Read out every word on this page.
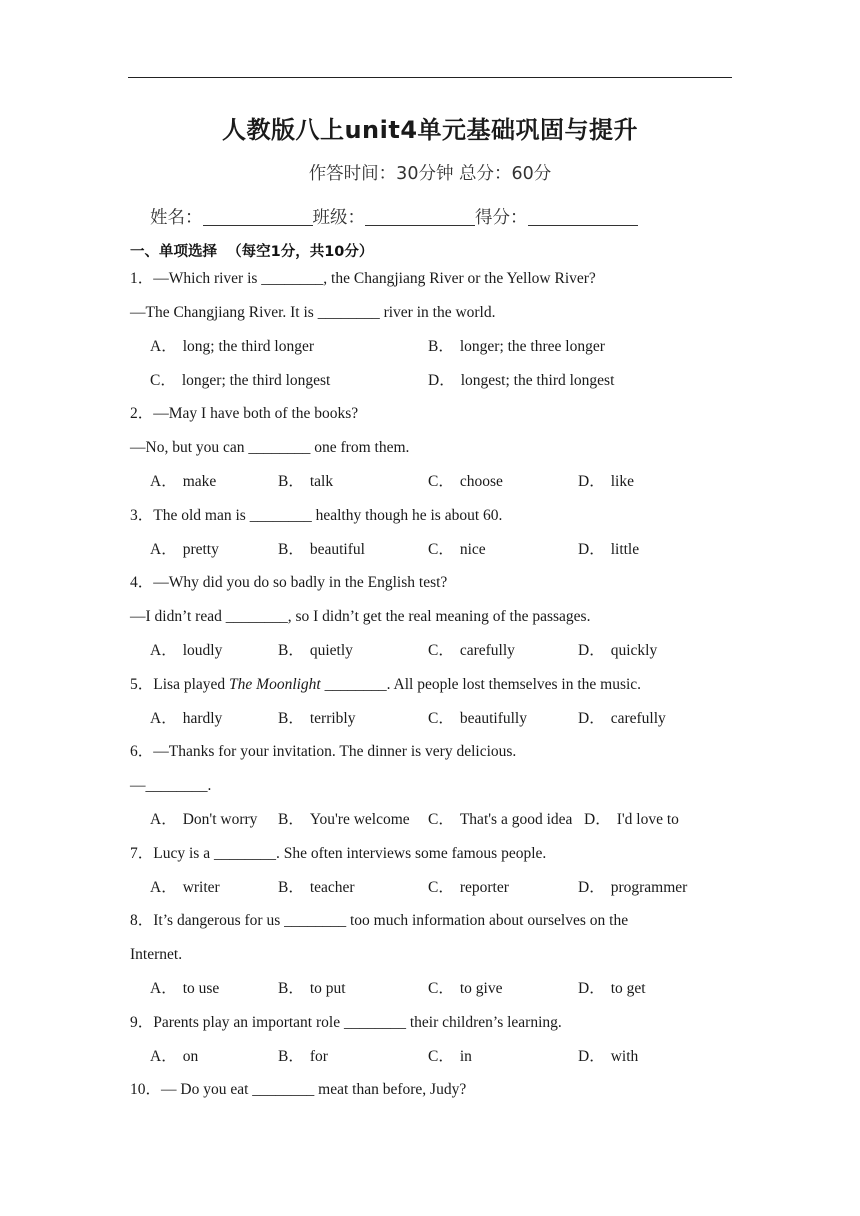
人教版八上unit4单元基础巩固与提升
作答时间：30分钟 总分：60分
姓名：	班级：	得分：
一、单项选择 （每空1分，共10分）
1．—Which river is ________, the Changjiang River or the Yellow River?
—The Changjiang River. It is ________ river in the world.
A． long; the third longer	B． longer; the three longer
C． longer; the third longest	D． longest; the third longest
2．—May I have both of the books?
—No, but you can ________ one from them.
A． make	B． talk	C． choose	D． like
3．The old man is ________ healthy though he is about 60.
A． pretty	B． beautiful	C． nice	D． little
4．—Why did you do so badly in the English test?
—I didn’t read ________, so I didn’t get the real meaning of the passages.
A． loudly	B． quietly	C． carefully	D． quickly
5．Lisa played The Moonlight ________. All people lost themselves in the music.
A． hardly	B． terribly	C． beautifully	D． carefully
6．—Thanks for your invitation. The dinner is very delicious.
—________.
A． Don't worry B． You're welcome C． That's a good idea D． I'd love to
7．Lucy is a ________. She often interviews some famous people.
A． writer	B． teacher	C． reporter	D． programmer
8．It’s dangerous for us ________ too much information about ourselves on the
Internet.
A． to use	B． to put	C． to give	D． to get
9．Parents play an important role ________ their children’s learning.
A． on	B． for	C． in	D． with
10．— Do you eat ________ meat than before, Judy?
